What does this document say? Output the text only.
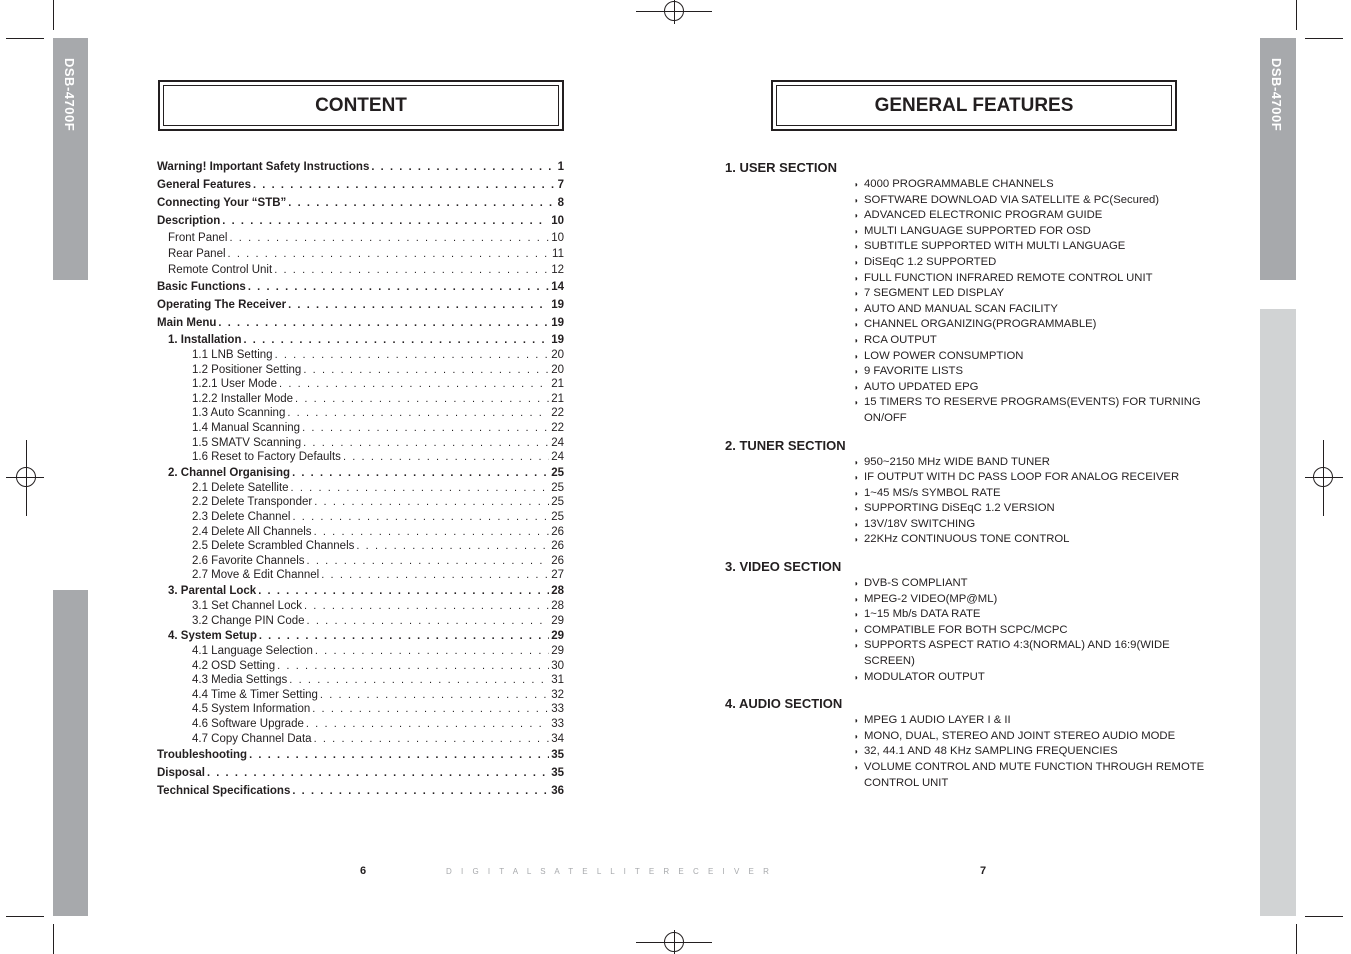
DSB-4700F	DSB-4700F
CONTENT
Warning! Important Safety Instructions . . .	1
General Features . . .	7
Connecting Your “STB” . . .	8
Description . . .	10
Front Panel . . .	10
Rear Panel . . .	11
Remote Control Unit . . .	12
Basic Functions . . .	14
Operating The Receiver . . .	19
Main Menu . . .	19
1. Installation . . .	19
1.1 LNB Setting . . .	20
1.2 Positioner Setting . . .	20
1.2.1 User Mode . . .	21
1.2.2 Installer Mode . . .	21
1.3 Auto Scanning . . .	22
1.4 Manual Scanning . . .	22
1.5 SMATV Scanning . . .	24
1.6 Reset to Factory Defaults . . .	24
2. Channel Organising . . .	25
2.1 Delete Satellite . . .	25
2.2 Delete Transponder . . .	25
2.3 Delete Channel . . .	25
2.4 Delete All Channels . . .	26
2.5 Delete Scrambled Channels . . .	26
2.6 Favorite Channels . . .	26
2.7 Move & Edit Channel . . .	27
3. Parental Lock . . .	28
3.1 Set Channel Lock . . .	28
3.2 Change PIN Code . . .	29
4. System Setup . . .	29
4.1 Language Selection . . .	29
4.2 OSD Setting . . .	30
4.3 Media Settings . . .	31
4.4 Time & Timer Setting . . .	32
4.5 System Information . . .	33
4.6 Software Upgrade . . .	33
4.7 Copy Channel Data . . .	34
Troubleshooting . . .	35
Disposal . . .	35
Technical Specifications . . .	36
GENERAL FEATURES
1. USER SECTION
◗ 4000 PROGRAMMABLE CHANNELS
◗ SOFTWARE DOWNLOAD VIA SATELLITE & PC(Secured)
◗ ADVANCED ELECTRONIC PROGRAM GUIDE
◗ MULTI LANGUAGE SUPPORTED FOR OSD
◗ SUBTITLE SUPPORTED WITH MULTI LANGUAGE
◗ DiSEqC 1.2 SUPPORTED
◗ FULL FUNCTION INFRARED REMOTE CONTROL UNIT
◗ 7 SEGMENT LED DISPLAY
◗ AUTO AND MANUAL SCAN FACILITY
◗ CHANNEL ORGANIZING(PROGRAMMABLE)
◗ RCA OUTPUT
◗ LOW POWER CONSUMPTION
◗ 9 FAVORITE LISTS
◗ AUTO UPDATED EPG
◗ 15 TIMERS TO RESERVE PROGRAMS(EVENTS) FOR TURNING ON/OFF
2. TUNER SECTION
◗ 950~2150 MHz WIDE BAND TUNER
◗ IF OUTPUT WITH DC PASS LOOP FOR ANALOG RECEIVER
◗ 1~45 MS/s SYMBOL RATE
◗ SUPPORTING DiSEqC 1.2 VERSION
◗ 13V/18V SWITCHING
◗ 22KHz CONTINUOUS TONE CONTROL
3. VIDEO SECTION
◗ DVB-S COMPLIANT
◗ MPEG-2 VIDEO(MP@ML)
◗ 1~15 Mb/s DATA RATE
◗ COMPATIBLE FOR BOTH SCPC/MCPC
◗ SUPPORTS ASPECT RATIO 4:3(NORMAL) AND 16:9(WIDE SCREEN)
◗ MODULATOR OUTPUT
4. AUDIO SECTION
◗ MPEG 1 AUDIO LAYER I & II
◗ MONO, DUAL, STEREO AND JOINT STEREO AUDIO MODE
◗ 32, 44.1 AND 48 KHz SAMPLING FREQUENCIES
◗ VOLUME CONTROL AND MUTE FUNCTION THROUGH REMOTE CONTROL UNIT
6	D I G I T A L S A T E L L I T E R E C E I V E R	7
